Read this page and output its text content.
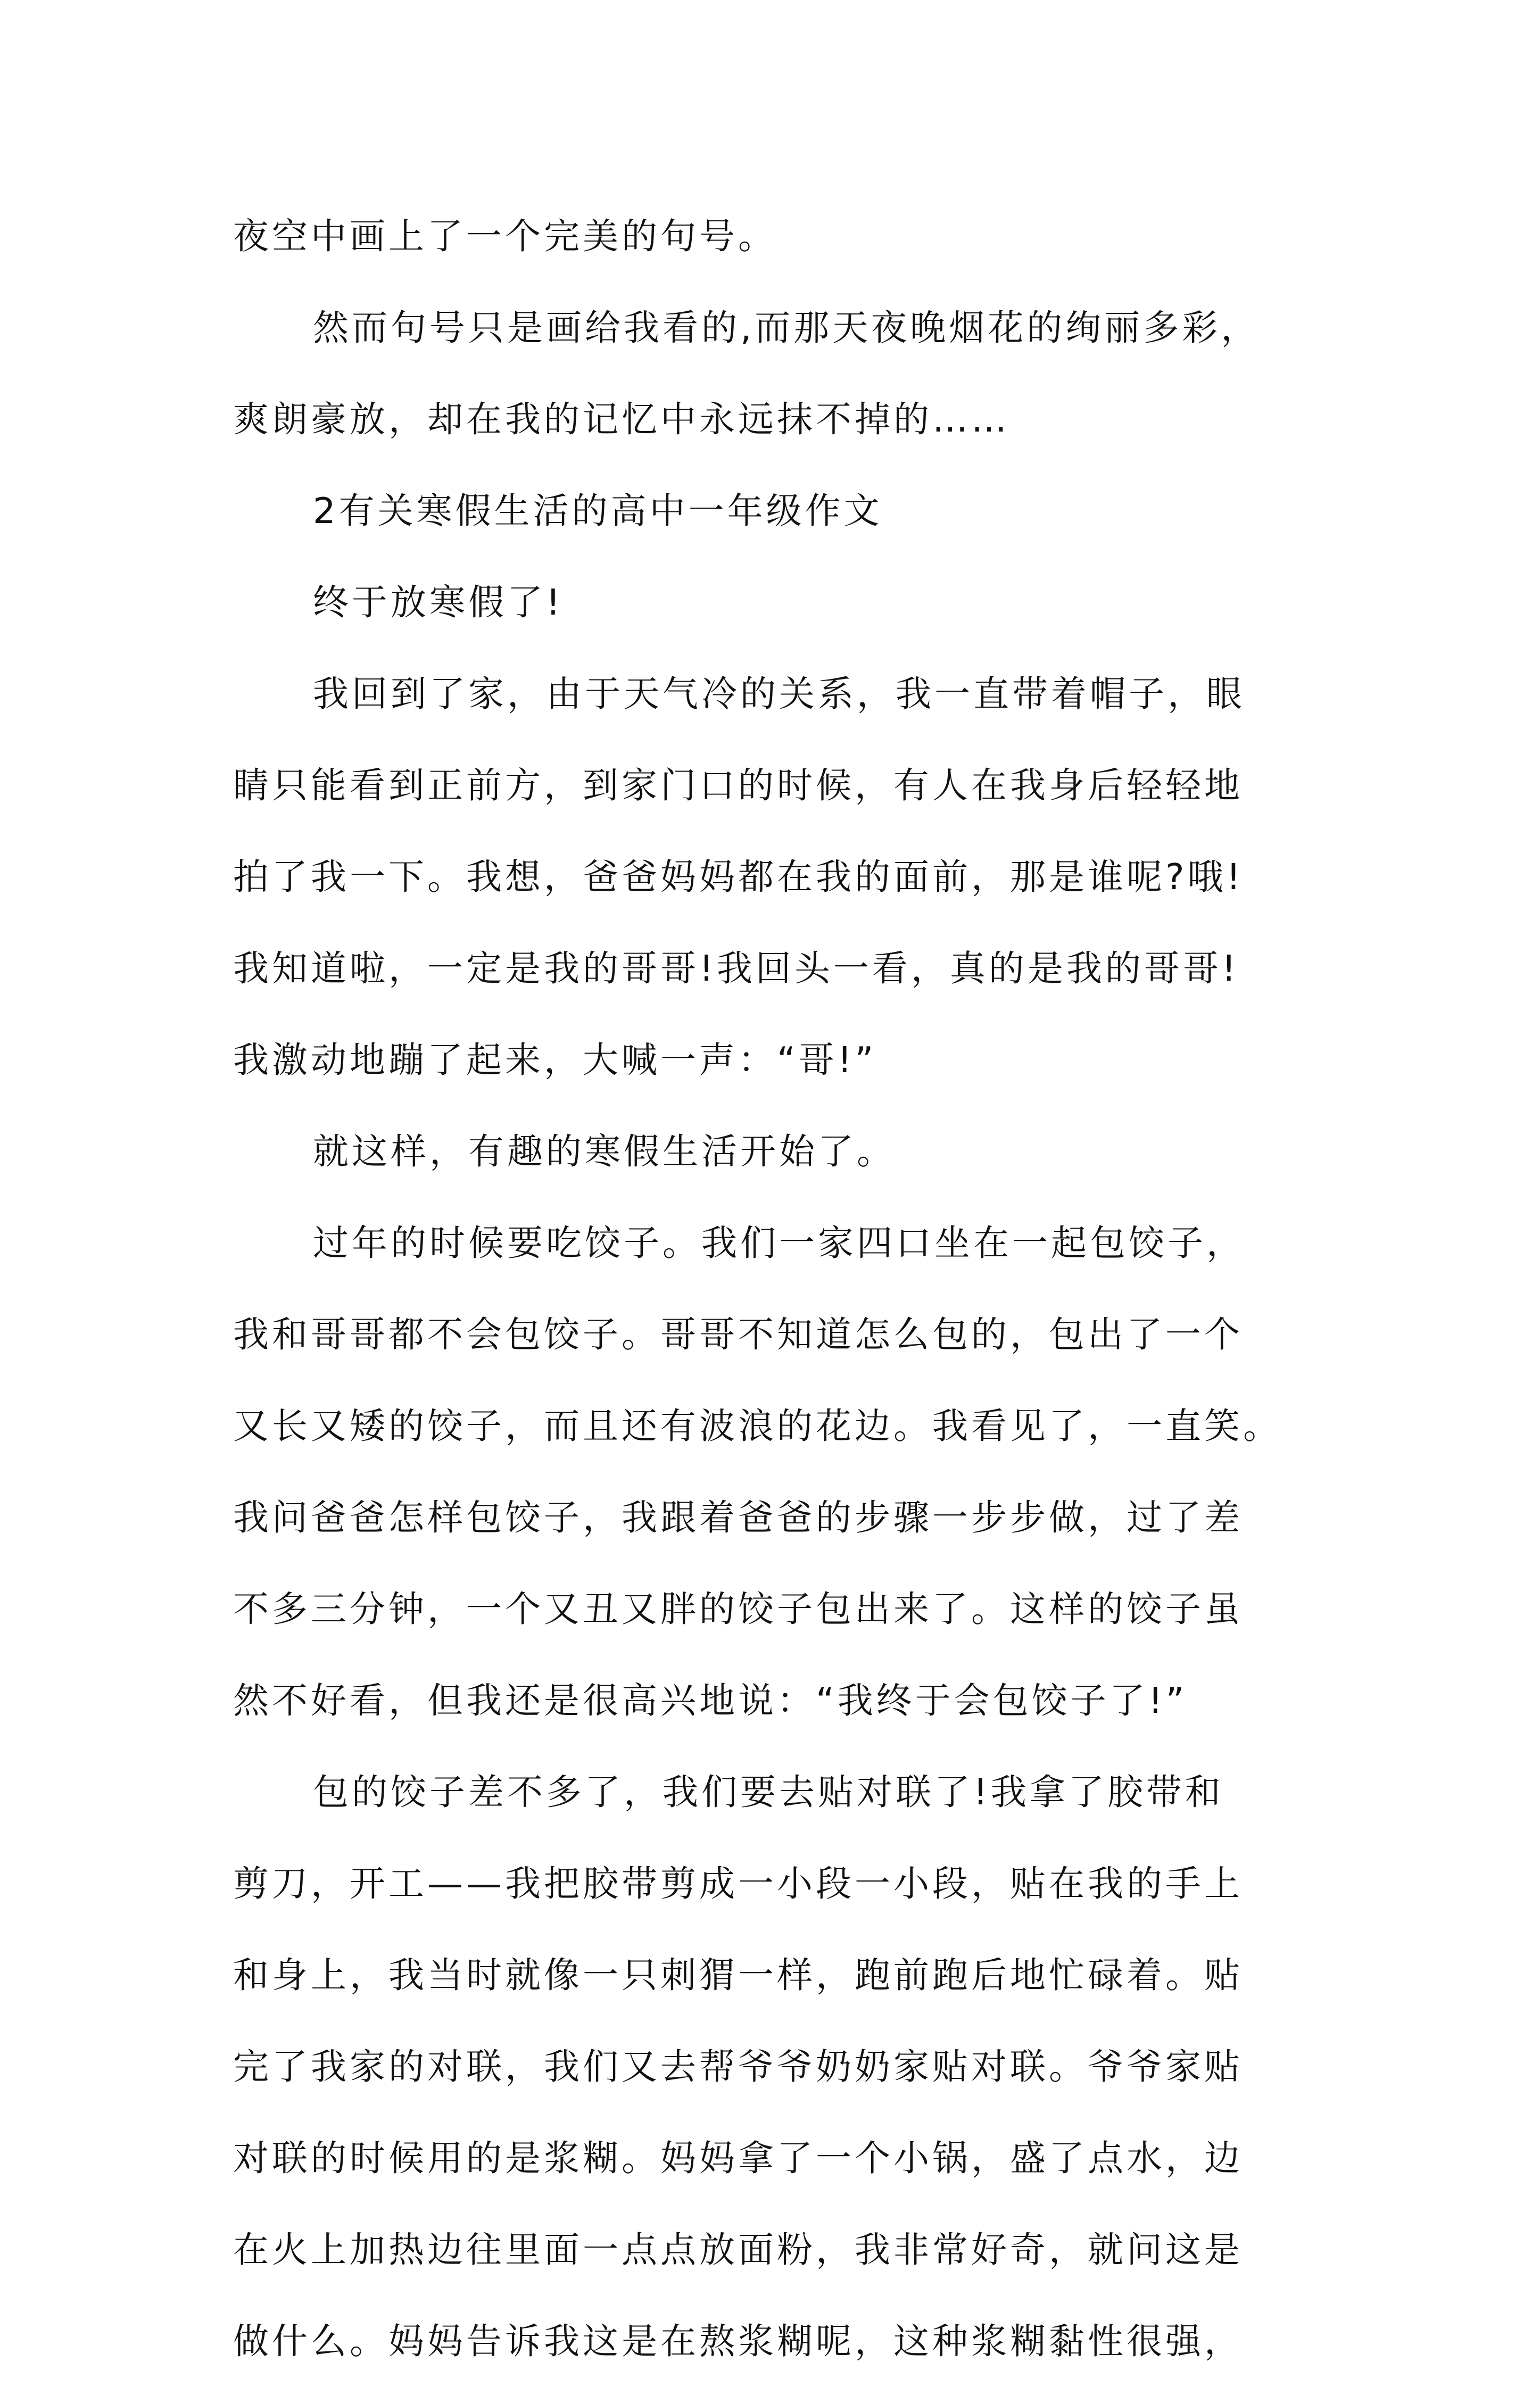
夜空中画上了一个完美的句号。
然而句号只是画给我看的,而那天夜晚烟花的绚丽多彩，
爽朗豪放，却在我的记忆中永远抹不掉的……
2有关寒假生活的高中一年级作文
终于放寒假了!
我回到了家，由于天气冷的关系，我一直带着帽子，眼
睛只能看到正前方，到家门口的时候，有人在我身后轻轻地
拍了我一下。我想，爸爸妈妈都在我的面前，那是谁呢?哦!
我知道啦，一定是我的哥哥!我回头一看，真的是我的哥哥!
我激动地蹦了起来，大喊一声：“哥!”
就这样，有趣的寒假生活开始了。
过年的时候要吃饺子。我们一家四口坐在一起包饺子，
我和哥哥都不会包饺子。哥哥不知道怎么包的，包出了一个
又长又矮的饺子，而且还有波浪的花边。我看见了，一直笑。
我问爸爸怎样包饺子，我跟着爸爸的步骤一步步做，过了差
不多三分钟，一个又丑又胖的饺子包出来了。这样的饺子虽
然不好看，但我还是很高兴地说：“我终于会包饺子了!”
包的饺子差不多了，我们要去贴对联了!我拿了胶带和
剪刀，开工——我把胶带剪成一小段一小段，贴在我的手上
和身上，我当时就像一只刺猬一样，跑前跑后地忙碌着。贴
完了我家的对联，我们又去帮爷爷奶奶家贴对联。爷爷家贴
对联的时候用的是浆糊。妈妈拿了一个小锅，盛了点水，边
在火上加热边往里面一点点放面粉，我非常好奇，就问这是
做什么。妈妈告诉我这是在熬浆糊呢，这种浆糊黏性很强，
